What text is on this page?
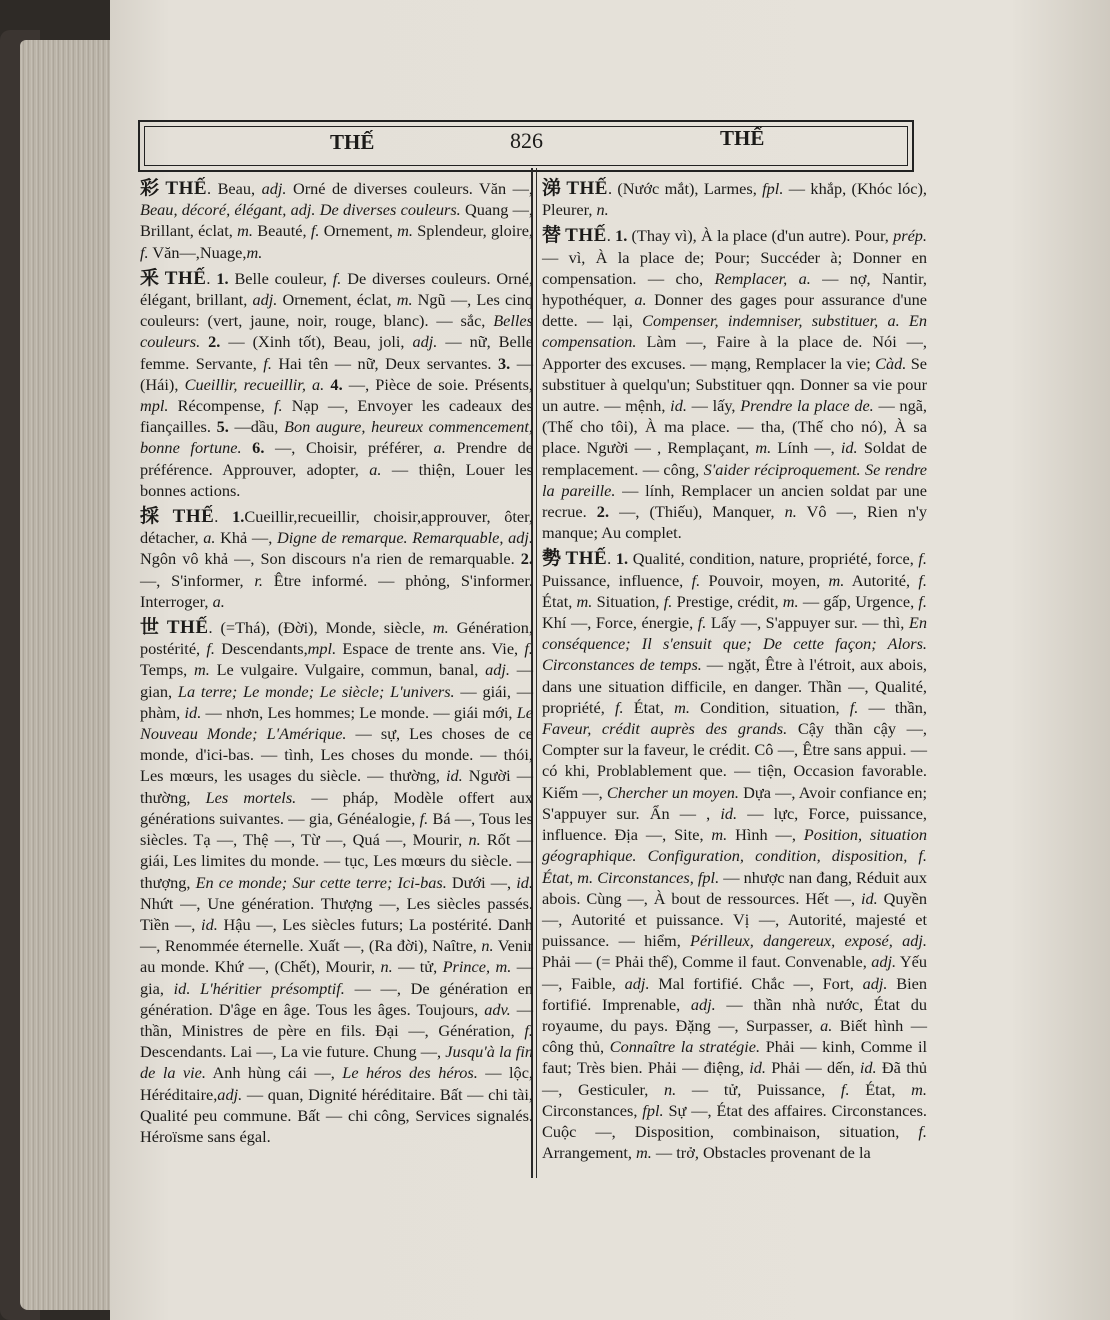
THẾ	826	THẾ

彩 THẾ. Beau, adj. Orné de diverses couleurs. Văn —, Beau, décoré, élégant, adj. De diverses couleurs. Quang —, Brillant, éclat, m. Beauté, f. Ornement, m. Splendeur, gloire, f. Văn—,Nuage,m.

釆 THẾ. 1. Belle couleur, f. De diverses couleurs. Orné, élégant, brillant, adj. Ornement, éclat, m. Ngũ —, Les cinq couleurs: (vert, jaune, noir, rouge, blanc). — sắc, Belles couleurs. 2. — (Xinh tốt), Beau, joli, adj. — nữ, Belle femme. Servante, f. Hai tên — nữ, Deux servantes. 3. — (Hái), Cueillir, recueillir, a. 4. —, Pièce de soie. Présents, mpl. Récompense, f. Nạp —, Envoyer les cadeaux des fiançailles. 5. —dầu, Bon augure, heureux commencement, bonne fortune. 6. —, Choisir, préférer, a. Prendre de préférence. Approuver, adopter, a. — thiện, Louer les bonnes actions.

採 THẾ. 1.Cueillir,recueillir, choisir,approuver, ôter, détacher, a. Khả —, Digne de remarque. Remarquable, adj. Ngôn vô khả —, Son discours n'a rien de remarquable. 2. —, S'informer, r. Être informé. — phỏng, S'informer. Interroger, a.

世 THẾ. (=Thá), (Đời), Monde, siècle, m. Génération, postérité, f. Descendants,mpl. Espace de trente ans. Vie, f. Temps, m. Le vulgaire. Vulgaire, commun, banal, adj. — gian, La terre; Le monde; Le siècle; L'univers. — giái, — phàm, id. — nhơn, Les hommes; Le monde. — giái mới, Le Nouveau Monde; L'Amérique. — sự, Les choses de ce monde, d'ici-bas. — tình, Les choses du monde. — thói, Les mœurs, les usages du siècle. — thường, id. Người — thường, Les mortels. — pháp, Modèle offert aux générations suivantes. — gia, Généalogie, f. Bá —, Tous les siècles. Tạ —, Thệ —, Từ —, Quá —, Mourir, n. Rốt — giái, Les limites du monde. — tục, Les mœurs du siècle. — thượng, En ce monde; Sur cette terre; Ici-bas. Dưới —, id. Nhứt —, Une génération. Thượng —, Les siècles passés. Tiền —, id. Hậu —, Les siècles futurs; La postérité. Danh —, Renommée éternelle. Xuất —, (Ra đời), Naître, n. Venir au monde. Khứ —, (Chết), Mourir, n. — tử, Prince, m. — gia, id. L'héritier présomptif. — —, De génération en génération. D'âge en âge. Tous les âges. Toujours, adv. — thần, Ministres de père en fils. Đại —, Génération, f. Descendants. Lai —, La vie future. Chung —, Jusqu'à la fin de la vie. Anh hùng cái —, Le héros des héros. — lộc, Héréditaire,adj. — quan, Dignité héréditaire. Bất — chi tài, Qualité peu commune. Bất — chi công, Services signalés. Héroïsme sans égal.

涕 THẾ. (Nước mắt), Larmes, fpl. — khắp, (Khóc lóc), Pleurer, n.

替 THẾ. 1. (Thay vì), À la place (d'un autre). Pour, prép. — vì, À la place de; Pour; Succéder à; Donner en compensation. — cho, Remplacer, a. — nợ, Nantir, hypothéquer, a. Donner des gages pour assurance d'une dette. — lại, Compenser, indemniser, substituer, a. En compensation. Làm —, Faire à la place de. Nói —, Apporter des excuses. — mạng, Remplacer la vie; Càd. Se substituer à quelqu'un; Substituer qqn. Donner sa vie pour un autre. — mệnh, id. — lấy, Prendre la place de. — ngã, (Thế cho tôi), À ma place. — tha, (Thế cho nó), À sa place. Người — , Remplaçant, m. Lính —, id. Soldat de remplacement. — công, S'aider réciproquement. Se rendre la pareille. — lính, Remplacer un ancien soldat par une recrue. 2. —, (Thiếu), Manquer, n. Vô —, Rien n'y manque; Au complet.

勢 THẾ. 1. Qualité, condition, nature, propriété, force, f. Puissance, influence, f. Pouvoir, moyen, m. Autorité, f. État, m. Situation, f. Prestige, crédit, m. — gấp, Urgence, f. Khí —, Force, énergie, f. Lấy —, S'appuyer sur. — thì, En conséquence; Il s'ensuit que; De cette façon; Alors. Circonstances de temps. — ngặt, Être à l'étroit, aux abois, dans une situation difficile, en danger. Thần —, Qualité, propriété, f. État, m. Condition, situation, f. — thần, Faveur, crédit auprès des grands. Cậy thần cậy —, Compter sur la faveur, le crédit. Cô —, Être sans appui. — có khi, Problablement que. — tiện, Occasion favorable. Kiếm —, Chercher un moyen. Dựa —, Avoir confiance en; S'appuyer sur. Ẩn — , id. — lực, Force, puissance, influence. Địa —, Site, m. Hình —, Position, situation géographique. Configuration, condition, disposition, f. État, m. Circonstances, fpl. — nhược nan đang, Réduit aux abois. Cùng —, À bout de ressources. Hết —, id. Quyền —, Autorité et puissance. Vị —, Autorité, majesté et puissance. — hiểm, Périlleux, dangereux, exposé, adj. Phải — (= Phải thế), Comme il faut. Convenable, adj. Yếu —, Faible, adj. Mal fortifié. Chắc —, Fort, adj. Bien fortifié. Imprenable, adj. — thần nhà nước, État du royaume, du pays. Đặng —, Surpasser, a. Biết hình — công thủ, Connaître la stratégie. Phải — kinh, Comme il faut; Très bien. Phải — điệng, id. Phải — dến, id. Đã thủ —, Gesticuler, n. — tử, Puissance, f. État, m. Circonstances, fpl. Sự —, État des affaires. Circonstances. Cuộc —, Disposition, combinaison, situation, f. Arrangement, m. — trở, Obstacles provenant de la
